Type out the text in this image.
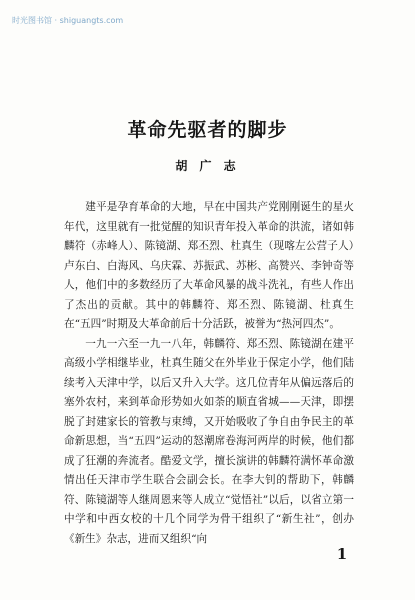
时光图书馆 · shiguangts.com
革命先驱者的脚步
胡 广 志

建平是孕育革命的大地，早在中国共产党刚刚诞生的星火年代，这里就有一批觉醒的知识青年投入革命的洪流，诸如韩麟符（赤峰人）、陈镜湖、郑丕烈、杜真生（现喀左公营子人）卢东白、白海风、乌庆霖、苏振武、苏彬、高赞兴、李钟奇等人，他们中的多数经历了大革命风暴的战斗洗礼，有些人作出了杰出的贡献。其中的韩麟符、郑丕烈、陈镜湖、杜真生在“五四”时期及大革命前后十分活跃，被誉为“热河四杰”。

一九一六至一九一八年，韩麟符、郑丕烈、陈镜湖在建平高级小学相继毕业，杜真生随父在外毕业于保定小学，他们陆续考入天津中学，以后又升入大学。这几位青年从偏远落后的塞外农村，来到革命形势如火如荼的顺直省城——天津，即摆脱了封建家长的管教与束缚，又开始吸收了争自由争民主的革命新思想，当“五四”运动的怒潮席卷海河两岸的时候，他们都成了狂潮的奔流者。酷爱文学，擅长演讲的韩麟符满怀革命激情出任天津市学生联合会副会长。在李大钊的帮助下，韩麟符、陈镜湖等人继周恩来等人成立“觉悟社”以后，以省立第一中学和中西女校的十几个同学为骨干组织了“新生社”，创办《新生》杂志，进而又组织“向

1
